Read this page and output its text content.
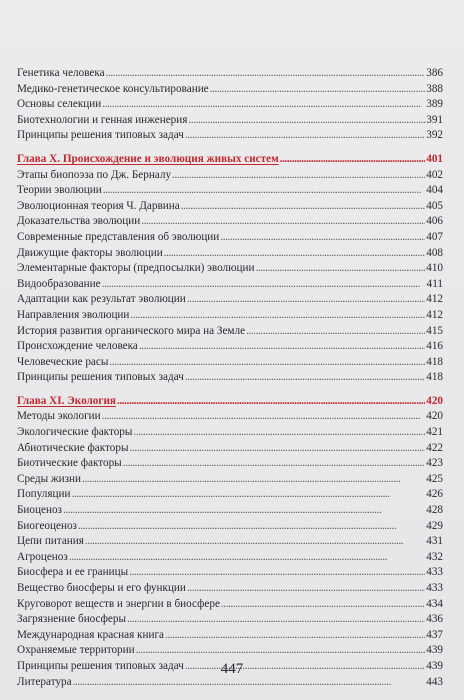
Генетика человека . . .	386
Медико-генетическое консультирование . . .	388
Основы селекции . . .	389
Биотехнологии и генная инженерия . . .	391
Принципы решения типовых задач . . .	392
Глава X. Происхождение и эволюция живых систем . . .	401
Этапы биопоэза по Дж. Берналу . . .	402
Теории эволюции . . .	404
Эволюционная теория Ч. Дарвина . . .	405
Доказательства эволюции . . .	406
Современные представления об эволюции . . .	407
Движущие факторы эволюции . . .	408
Элементарные факторы (предпосылки) эволюции . . .	410
Видообразование . . .	411
Адаптации как результат эволюции . . .	412
Направления эволюции . . .	412
История развития органического мира на Земле . . .	415
Происхождение человека . . .	416
Человеческие расы . . .	418
Принципы решения типовых задач . . .	418
Глава XI. Экология . . .	420
Методы экологии . . .	420
Экологические факторы . . .	421
Абиотические факторы . . .	422
Биотические факторы . . .	423
Среды жизни . . .	425
Популяции . . .	426
Биоценоз . . .	428
Биогеоценоз . . .	429
Цепи питания . . .	431
Агроценоз . . .	432
Биосфера и ее границы . . .	433
Вещество биосферы и его функции . . .	433
Круговорот веществ и энергии в биосфере . . .	434
Загрязнение биосферы . . .	436
Международная красная книга . . .	437
Охраняемые территории . . .	439
Принципы решения типовых задач . . .	439
Литература . . .	443
447
